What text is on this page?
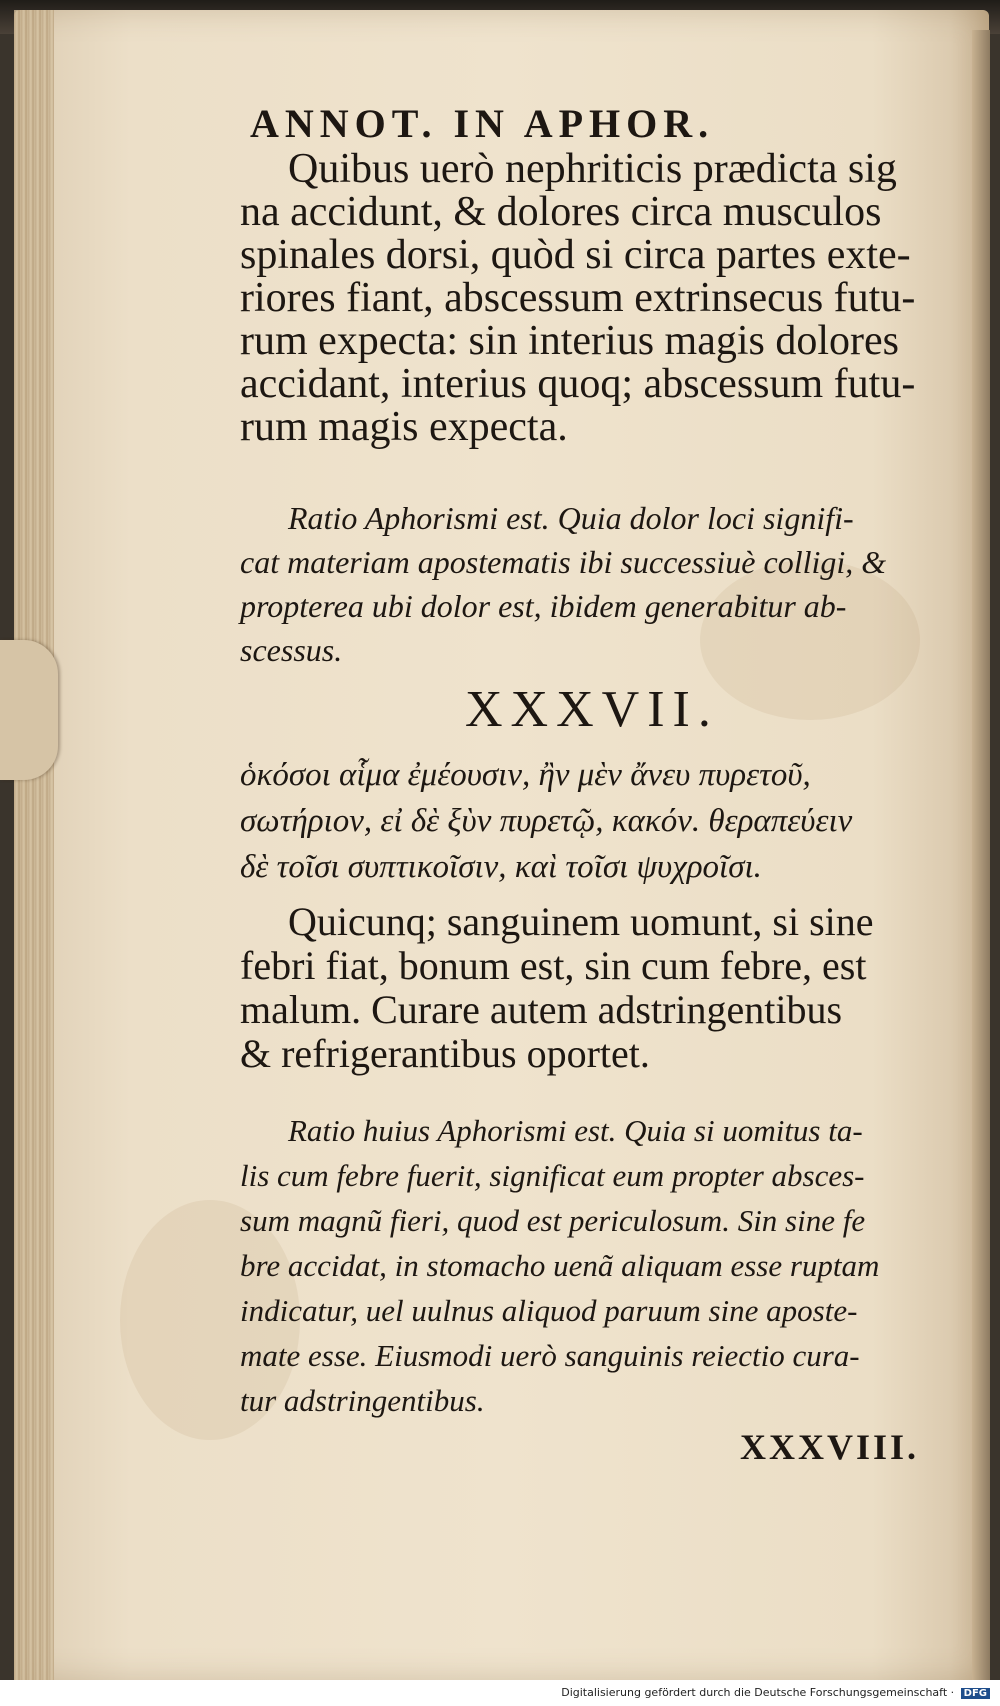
ANNOT. IN APHOR.
Quibus uerò nephriticis prædicta sig
na accidunt, & dolores circa musculos
spinales dorsi, quòd si circa partes exte-
riores fiant, abscessum extrinsecus futu-
rum expecta: sin interius magis dolores
accidant, interius quoq; abscessum futu-
rum magis expecta.
Ratio Aphorismi est. Quia dolor loci signifi-
cat materiam apostematis ibi successiuè colligi, &
propterea ubi dolor est, ibidem generabitur ab-
scessus.
XXXVII.
ὁκόσοι αἷμα ἐμέουσιν, ἢν μὲν ἄνευ πυρετοῦ,
σωτήριον, εἰ δὲ ξὺν πυρετῷ, κακόν. θεραπεύειν
δὲ τοῖσι συπτικοῖσιν, καὶ τοῖσι ψυχροῖσι.
Quicunq; sanguinem uomunt, si sine
febri fiat, bonum est, sin cum febre, est
malum. Curare autem adstringentibus
& refrigerantibus oportet.
Ratio huius Aphorismi est. Quia si uomitus ta-
lis cum febre fuerit, significat eum propter absces-
sum magnũ fieri, quod est periculosum. Sin sine fe
bre accidat, in stomacho uenã aliquam esse ruptam
indicatur, uel uulnus aliquod paruum sine aposte-
mate esse. Eiusmodi uerò sanguinis reiectio cura-
tur adstringentibus.
XXXVIII.
Digitalisierung gefördert durch die Deutsche Forschungsgemeinschaft · DFG
